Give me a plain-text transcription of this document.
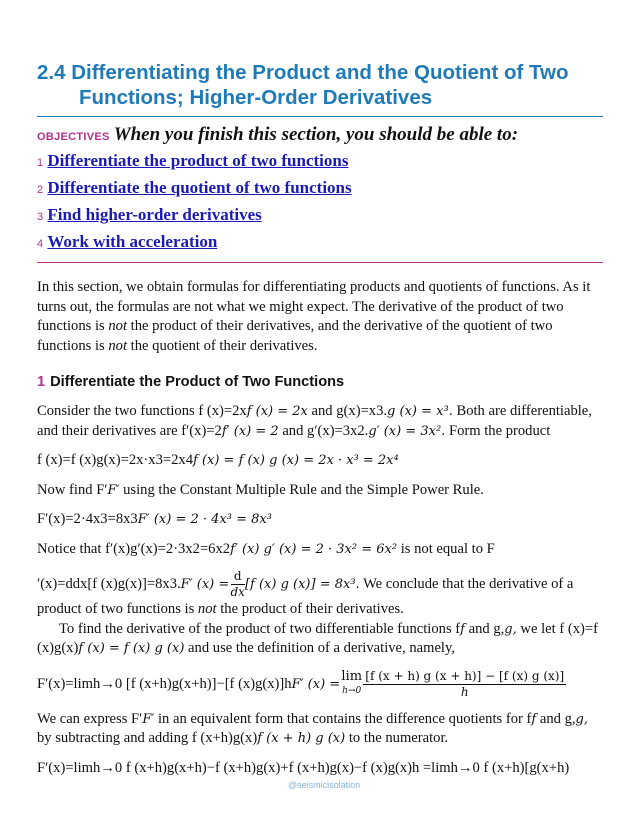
2.4 Differentiating the Product and the Quotient of Two
Functions; Higher-Order Derivatives
OBJECTIVES When you finish this section, you should be able to:
1 Differentiate the product of two functions
2 Differentiate the quotient of two functions
3 Find higher-order derivatives
4 Work with acceleration

In this section, we obtain formulas for differentiating products and quotients of functions. As it turns out, the formulas are not what we might expect. The derivative of the product of two functions is not the product of their derivatives, and the derivative of the quotient of two functions is not the quotient of their derivatives.

1 Differentiate the Product of Two Functions

Consider the two functions f (x)=2xf (x) = 2x and g(x)=x3.g (x) = x³. Both are differentiable, and their derivatives are f′(x)=2f′ (x) = 2 and g′(x)=3x2.g′ (x) = 3x². Form the product

f (x)=f (x)g(x)=2x·x3=2x4f (x) = f (x) g (x) = 2x · x³ = 2x⁴

Now find F′F′ using the Constant Multiple Rule and the Simple Power Rule.

F′(x)=2·4x3=8x3F′ (x) = 2 · 4x³ = 8x³

Notice that f′(x)g′(x)=2·3x2=6x2f′ (x) g′ (x) = 2 · 3x² = 6x² is not equal to F

′(x)=ddx[f (x)g(x)]=8x3.F′ (x) =  $\frac{d}{dx} [f$ (x) g (x)] = 8x³. We conclude that the derivative of a product of two functions is not the product of their derivatives.

To find the derivative of the product of two differentiable functions ff and g,g, we let f (x)=f (x)g(x)f (x) = f (x) g (x) and use the definition of a derivative, namely,

F′(x)=limh→0 [f (x+h)g(x+h)]−[f (x)g(x)]hF′ (x) = lim
h→0
  $\frac{[f (x + h) g (x + h)] - [f (x) g (x)]}{h}$

We can express F′F′ in an equivalent form that contains the difference quotients for ff and g,g, by subtracting and adding f (x+h)g(x)f (x + h) g (x) to the numerator.

F′(x)=limh→0 f (x+h)g(x+h)−f (x+h)g(x)+f (x+h)g(x)−f (x)g(x)h =limh→0 f (x+h)[g(x+h)

@seismicisolation
